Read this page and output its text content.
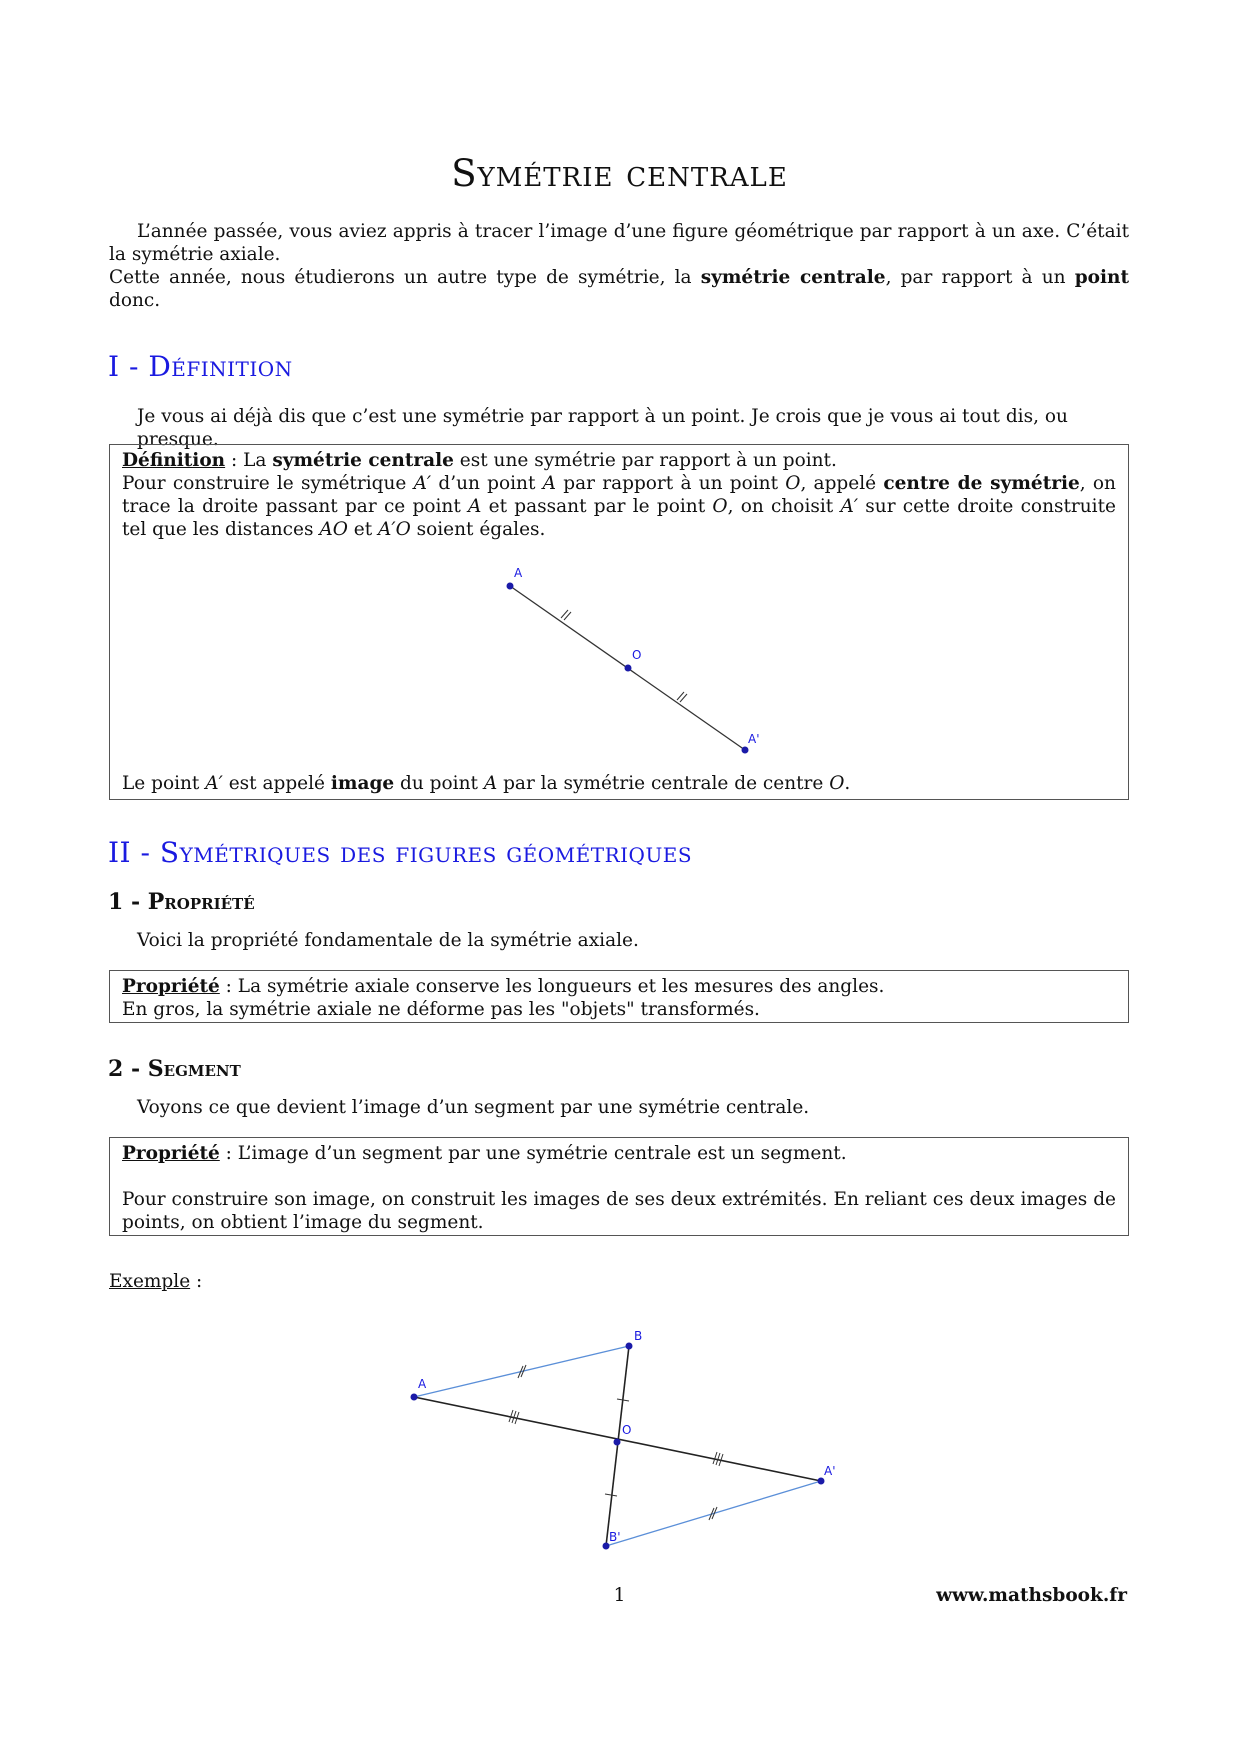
Symétrie centrale
L’année passée, vous aviez appris à tracer l’image d’une figure géométrique par rapport à un axe. C’était la symétrie axiale.
Cette année, nous étudierons un autre type de symétrie, la symétrie centrale, par rapport à un point donc.
I - Définition
Je vous ai déjà dis que c’est une symétrie par rapport à un point. Je crois que je vous ai tout dis, ou presque.
Définition : La symétrie centrale est une symétrie par rapport à un point.
Pour construire le symétrique A′ d’un point A par rapport à un point O, appelé centre de symétrie, on trace la droite passant par ce point A et passant par le point O, on choisit A′ sur cette droite construite tel que les distances AO et A′O soient égales.
A
O
A'
Le point A′ est appelé image du point A par la symétrie centrale de centre O.
II - Symétriques des figures géométriques
1 - Propriété
Voici la propriété fondamentale de la symétrie axiale.
Propriété : La symétrie axiale conserve les longueurs et les mesures des angles.
En gros, la symétrie axiale ne déforme pas les "objets" transformés.
2 - Segment
Voyons ce que devient l’image d’un segment par une symétrie centrale.
Propriété : L’image d’un segment par une symétrie centrale est un segment.
Pour construire son image, on construit les images de ses deux extrémités. En reliant ces deux images de points, on obtient l’image du segment.
Exemple :
A
B
O
A'
B'
1	www.mathsbook.fr
